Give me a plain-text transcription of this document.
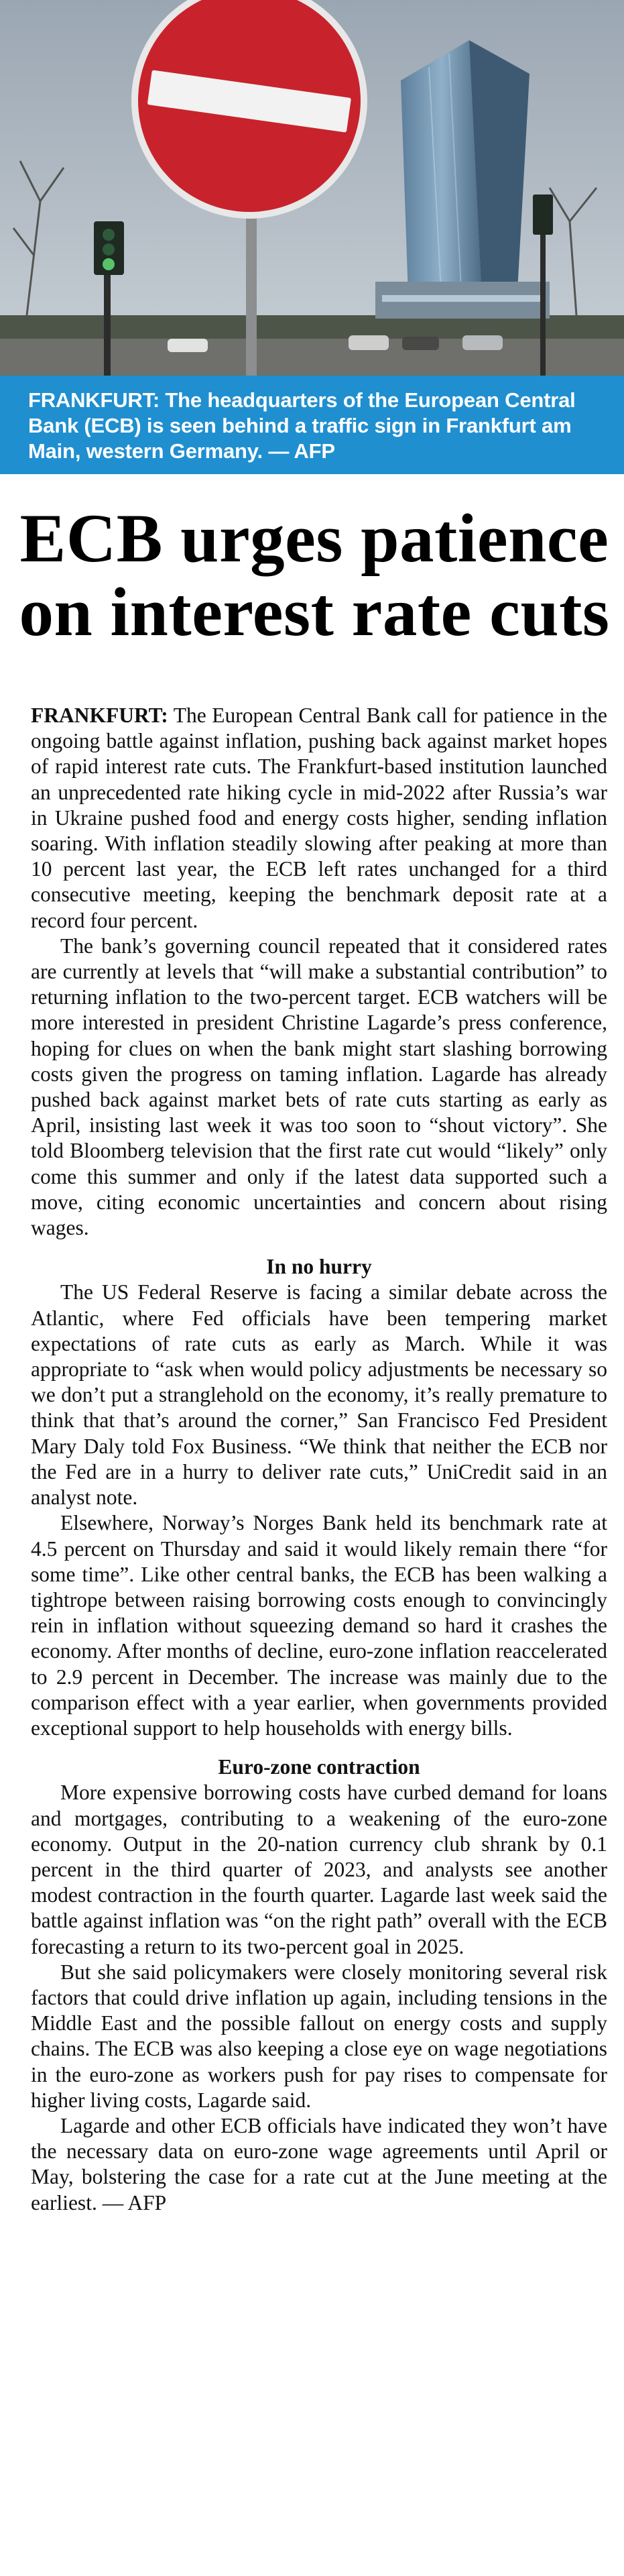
FRANKFURT: The headquarters of the European Central Bank (ECB) is seen behind a traffic sign in Frankfurt am Main, western Germany. — AFP

ECB urges patience
on interest rate cuts

FRANKFURT: The European Central Bank call for patience in the ongoing battle against inflation, pushing back against market hopes of rapid interest rate cuts. The Frankfurt-based institution launched an unprecedented rate hiking cycle in mid-2022 after Russia’s war in Ukraine pushed food and energy costs higher, sending inflation soaring. With inflation steadily slowing after peaking at more than 10 percent last year, the ECB left rates unchanged for a third consecutive meeting, keeping the benchmark deposit rate at a record four percent.

The bank’s governing council repeated that it considered rates are currently at levels that “will make a substantial contribution” to returning inflation to the two-percent target. ECB watchers will be more interested in president Christine Lagarde’s press conference, hoping for clues on when the bank might start slashing borrowing costs given the progress on taming inflation. Lagarde has already pushed back against market bets of rate cuts starting as early as April, insisting last week it was too soon to “shout victory”. She told Bloomberg television that the first rate cut would “likely” only come this summer and only if the latest data supported such a move, citing economic uncertainties and concern about rising wages.

In no hurry

The US Federal Reserve is facing a similar debate across the Atlantic, where Fed officials have been tempering market expectations of rate cuts as early as March. While it was appropriate to “ask when would policy adjustments be necessary so we don’t put a stranglehold on the economy, it’s really premature to think that that’s around the corner,” San Francisco Fed President Mary Daly told Fox Business. “We think that neither the ECB nor the Fed are in a hurry to deliver rate cuts,” UniCredit said in an analyst note.

Elsewhere, Norway’s Norges Bank held its benchmark rate at 4.5 percent on Thursday and said it would likely remain there “for some time”. Like other central banks, the ECB has been walking a tightrope between raising borrowing costs enough to convincingly rein in inflation without squeezing demand so hard it crashes the economy. After months of decline, euro-zone inflation reaccelerated to 2.9 percent in December. The increase was mainly due to the comparison effect with a year earlier, when governments provided exceptional support to help households with energy bills.

Euro-zone contraction

More expensive borrowing costs have curbed demand for loans and mortgages, contributing to a weakening of the euro-zone economy. Output in the 20-nation currency club shrank by 0.1 percent in the third quarter of 2023, and analysts see another modest contraction in the fourth quarter. Lagarde last week said the battle against inflation was “on the right path” overall with the ECB forecasting a return to its two-percent goal in 2025.

But she said policymakers were closely monitoring several risk factors that could drive inflation up again, including tensions in the Middle East and the possible fallout on energy costs and supply chains. The ECB was also keeping a close eye on wage negotiations in the euro-zone as workers push for pay rises to compensate for higher living costs, Lagarde said.

Lagarde and other ECB officials have indicated they won’t have the necessary data on euro-zone wage agreements until April or May, bolstering the case for a rate cut at the June meeting at the earliest. — AFP
